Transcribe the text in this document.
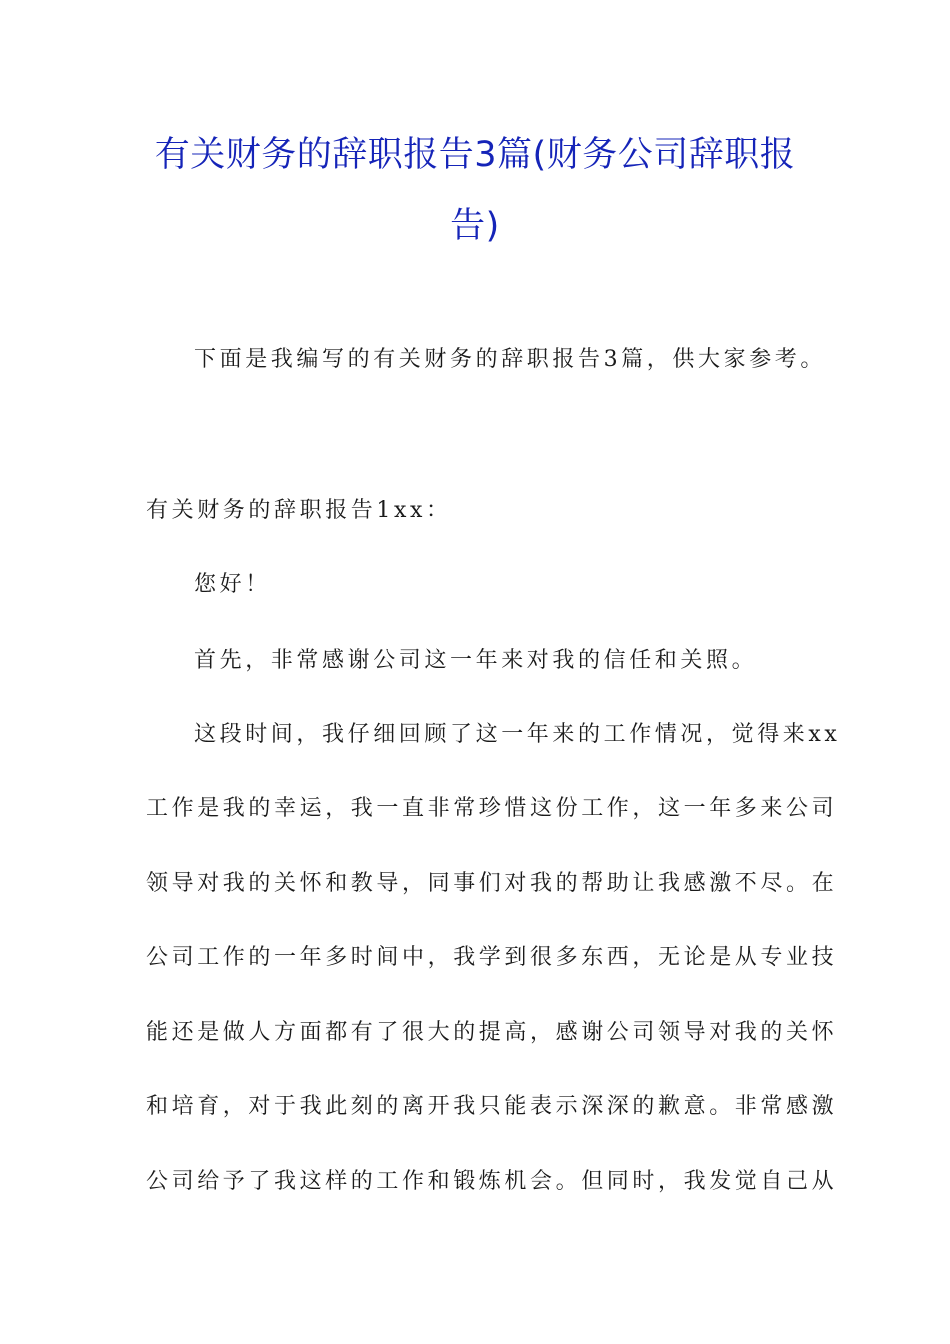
有关财务的辞职报告3篇(财务公司辞职报
告)
下面是我编写的有关财务的辞职报告3篇，供大家参考。
有关财务的辞职报告1xx：
您好！
首先，非常感谢公司这一年来对我的信任和关照。
这段时间，我仔细回顾了这一年来的工作情况，觉得来xx
工作是我的幸运，我一直非常珍惜这份工作，这一年多来公司
领导对我的关怀和教导，同事们对我的帮助让我感激不尽。在
公司工作的一年多时间中，我学到很多东西，无论是从专业技
能还是做人方面都有了很大的提高，感谢公司领导对我的关怀
和培育，对于我此刻的离开我只能表示深深的歉意。非常感激
公司给予了我这样的工作和锻炼机会。但同时，我发觉自己从
